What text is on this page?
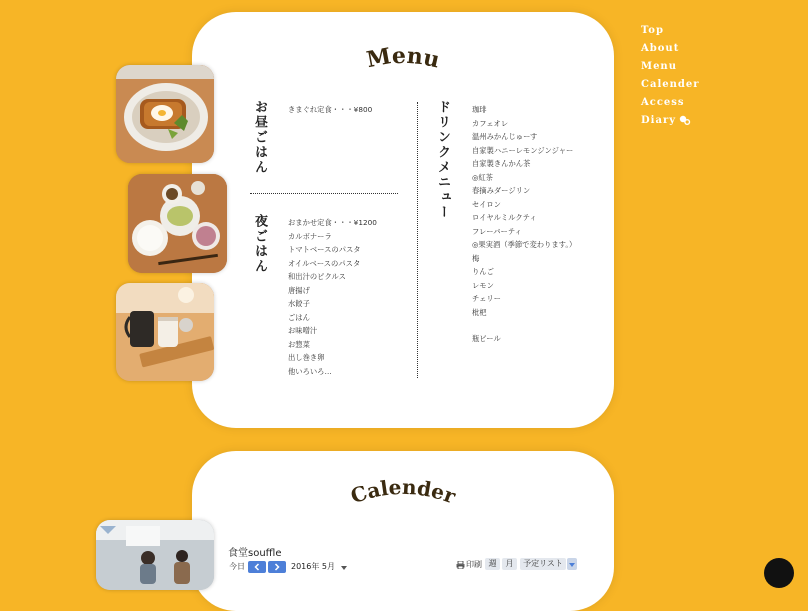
Top
About
Menu
Calender
Access
Diary
Menu
お昼ごはん	きまぐれ定食・・・¥800
夜ごはん	おまかせ定食・・・¥1200
カルボナーラ
トマトベースのパスタ
オイルベースのパスタ
和出汁のピクルス
唐揚げ
水餃子
ごはん
お味噌汁
お惣菜
出し巻き卵
他いろいろ…
ドリンクメニュー	珈琲
カフェオレ
温州みかんじゅーす
自家製ハニーレモンジンジャー
自家製きんかん茶
◎紅茶
春摘みダージリン
セイロン
ロイヤルミルクティ
フレーバーティ
◎果実酒（季節で変わります。）
梅
りんご
レモン
チェリー
枇杷
瓶ビール
Calender
食堂souffle
今日	2016年 5月	印刷 週	月	予定リスト
